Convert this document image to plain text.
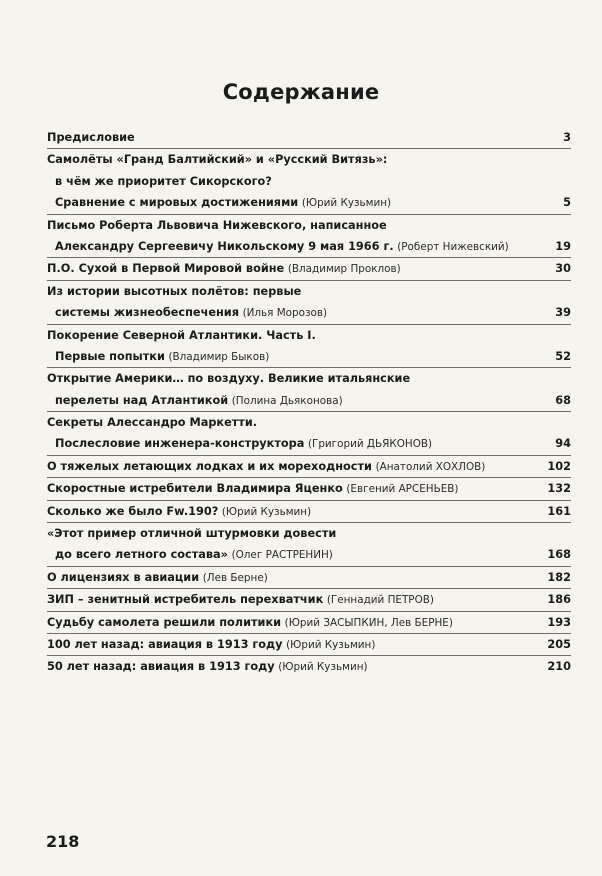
Содержание
Предисловие	3
Самолёты «Гранд Балтийский» и «Русский Витязь»:
в чём же приоритет Сикорского?
Сравнение с мировых достижениями (Юрий Кузьмин)	5
Письмо Роберта Львовича Нижевского, написанное
Александру Сергеевичу Никольскому 9 мая 1966 г. (Роберт Нижевский)	19
П.О. Сухой в Первой Мировой войне (Владимир Проклов)	30
Из истории высотных полётов: первые
системы жизнеобеспечения (Илья Морозов)	39
Покорение Северной Атлантики. Часть I.
Первые попытки (Владимир Быков)	52
Открытие Америки… по воздуху. Великие итальянские
перелеты над Атлантикой (Полина Дьяконова)	68
Секреты Алессандро Маркетти.
Послесловие инженера-конструктора (Григорий ДЬЯКОНОВ)	94
О тяжелых летающих лодках и их мореходности (Анатолий ХОХЛОВ)	102
Скоростные истребители Владимира Яценко (Евгений АРСЕНЬЕВ)	132
Сколько же было Fw.190? (Юрий Кузьмин)	161
«Этот пример отличной штурмовки довести
до всего летного состава» (Олег РАСТРЕНИН)	168
О лицензиях в авиации (Лев Берне)	182
ЗИП – зенитный истребитель перехватчик (Геннадий ПЕТРОВ)	186
Судьбу самолета решили политики (Юрий ЗАСЫПКИН, Лев БЕРНЕ)	193
100 лет назад: авиация в 1913 году (Юрий Кузьмин)	205
50 лет назад: авиация в 1913 году (Юрий Кузьмин)	210
218
